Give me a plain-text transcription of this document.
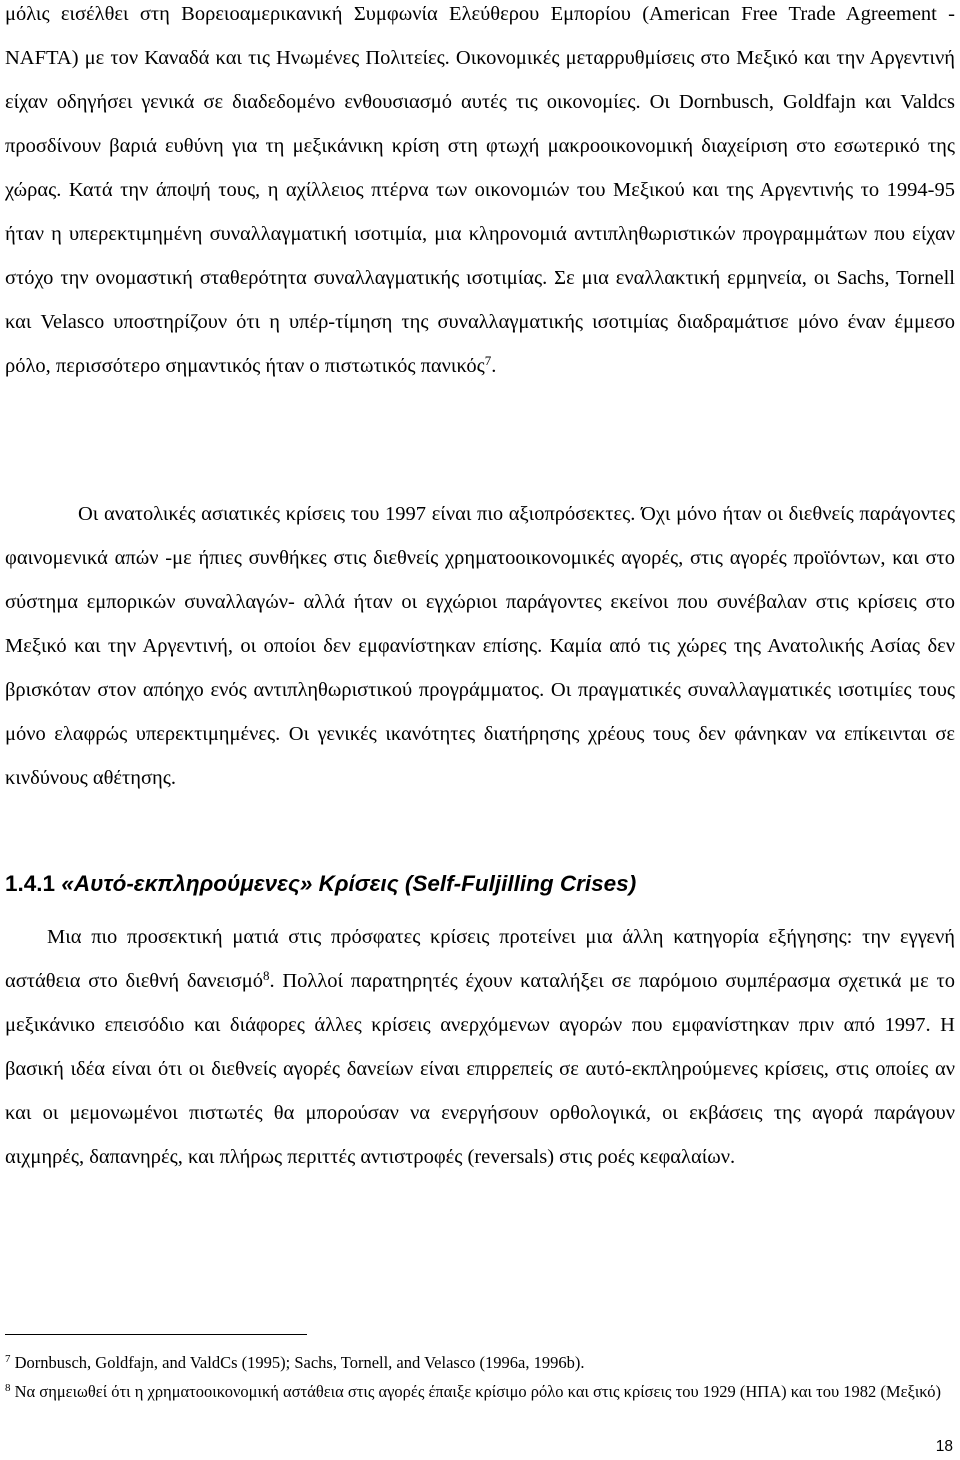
μόλις εισέλθει στη Βορειοαμερικανική Συμφωνία Ελεύθερου Εμπορίου (American Free Trade Agreement - NAFTA) με τον Καναδά και τις Ηνωμένες Πολιτείες. Οικονομικές μεταρρυθμίσεις στο Μεξικό και την Αργεντινή είχαν οδηγήσει γενικά σε διαδεδομένο ενθουσιασμό αυτές τις οικονομίες. Οι Dornbusch, Goldfajn και Valdcs προσδίνουν βαριά ευθύνη για τη μεξικάνικη κρίση στη φτωχή μακροοικονομική διαχείριση στο εσωτερικό της χώρας. Κατά την άποψή τους, η αχίλλειος πτέρνα των οικονομιών του Μεξικού και της Αργεντινής το 1994-95 ήταν η υπερεκτιμημένη συναλλαγματική ισοτιμία, μια κληρονομιά αντιπληθωριστικών προγραμμάτων που είχαν στόχο την ονομαστική σταθερότητα συναλλαγματικής ισοτιμίας. Σε μια εναλλακτική ερμηνεία, οι Sachs, Tornell και Velasco υποστηρίζουν ότι η υπέρ-τίμηση της συναλλαγματικής ισοτιμίας διαδραμάτισε μόνο έναν έμμεσο ρόλο, περισσότερο σημαντικός ήταν ο πιστωτικός πανικός$^7$.

Οι ανατολικές ασιατικές κρίσεις του 1997 είναι πιο αξιοπρόσεκτες. Όχι μόνο ήταν οι διεθνείς παράγοντες φαινομενικά απών -με ήπιες συνθήκες στις διεθνείς χρηματοοικονομικές αγορές, στις αγορές προϊόντων, και στο σύστημα εμπορικών συναλλαγών- αλλά ήταν οι εγχώριοι παράγοντες εκείνοι που συνέβαλαν στις κρίσεις στο Μεξικό και την Αργεντινή, οι οποίοι δεν εμφανίστηκαν επίσης. Καμία από τις χώρες της Ανατολικής Ασίας δεν βρισκόταν στον απόηχο ενός αντιπληθωριστικού προγράμματος. Οι πραγματικές συναλλαγματικές ισοτιμίες τους μόνο ελαφρώς υπερεκτιμημένες. Οι γενικές ικανότητες διατήρησης χρέους τους δεν φάνηκαν να επίκεινται σε κινδύνους αθέτησης.

1.4.1 «Αυτό-εκπληρούμενες» Κρίσεις (Self-Fuljilling Crises)

Μια πιο προσεκτική ματιά στις πρόσφατες κρίσεις προτείνει μια άλλη κατηγορία εξήγησης: την εγγενή αστάθεια στο διεθνή δανεισμό$^8$. Πολλοί παρατηρητές έχουν καταλήξει σε παρόμοιο συμπέρασμα σχετικά με το μεξικάνικο επεισόδιο και διάφορες άλλες κρίσεις ανερχόμενων αγορών που εμφανίστηκαν πριν από 1997. Η βασική ιδέα είναι ότι οι διεθνείς αγορές δανείων είναι επιρρεπείς σε αυτό-εκπληρούμενες κρίσεις, στις οποίες αν και οι μεμονωμένοι πιστωτές θα μπορούσαν να ενεργήσουν ορθολογικά, οι εκβάσεις της αγορά παράγουν αιχμηρές, δαπανηρές, και πλήρως περιττές αντιστροφές (reversals) στις ροές κεφαλαίων.

$^7$ Dornbusch, Goldfajn, and ValdCs (1995); Sachs, Tornell, and Velasco (1996a, 1996b).

$^8$ Να σημειωθεί ότι η χρηματοοικονομική αστάθεια στις αγορές έπαιξε κρίσιμο ρόλο και στις κρίσεις του 1929 (ΗΠΑ) και του 1982 (Μεξικό)

18
